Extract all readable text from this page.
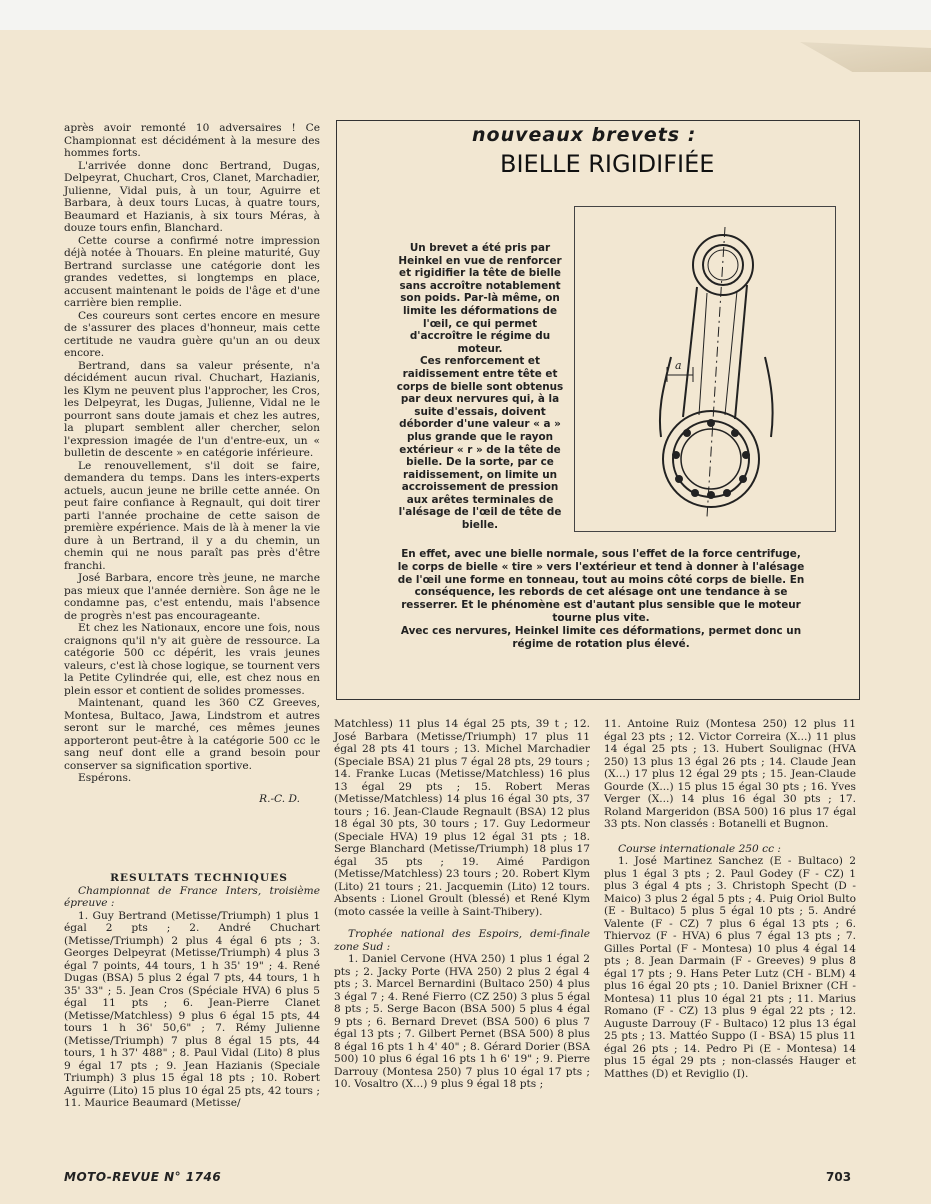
après avoir remonté 10 adversaires ! Ce Championnat est décidément à la mesure des hommes forts.

L'arrivée donne donc Bertrand, Dugas, Delpeyrat, Chuchart, Cros, Clanet, Marchadier, Julienne, Vidal puis, à un tour, Aguirre et Barbara, à deux tours Lucas, à quatre tours, Beaumard et Hazianis, à six tours Méras, à douze tours enfin, Blanchard.

Cette course a confirmé notre impression déjà notée à Thouars. En pleine maturité, Guy Bertrand surclasse une catégorie dont les grandes vedettes, si longtemps en place, accusent maintenant le poids de l'âge et d'une carrière bien remplie.

Ces coureurs sont certes encore en mesure de s'assurer des places d'honneur, mais cette certitude ne vaudra guère qu'un an ou deux encore.

Bertrand, dans sa valeur présente, n'a décidément aucun rival. Chuchart, Hazianis, les Klym ne peuvent plus l'approcher, les Cros, les Delpeyrat, les Dugas, Julienne, Vidal ne le pourront sans doute jamais et chez les autres, la plupart semblent aller chercher, selon l'expression imagée de l'un d'entre-eux, un « bulletin de descente » en catégorie inférieure.

Le renouvellement, s'il doit se faire, demandera du temps. Dans les inters-experts actuels, aucun jeune ne brille cette année. On peut faire confiance à Regnault, qui doit tirer parti l'année prochaine de cette saison de première expérience. Mais de là à mener la vie dure à un Bertrand, il y a du chemin, un chemin qui ne nous paraît pas près d'être franchi.

José Barbara, encore très jeune, ne marche pas mieux que l'année dernière. Son âge ne le condamne pas, c'est entendu, mais l'absence de progrès n'est pas encourageante.

Et chez les Nationaux, encore une fois, nous craignons qu'il n'y ait guère de ressource. La catégorie 500 cc dépérit, les vrais jeunes valeurs, c'est là chose logique, se tournent vers la Petite Cylindrée qui, elle, est chez nous en plein essor et contient de solides promesses.

Maintenant, quand les 360 CZ Greeves, Montesa, Bultaco, Jawa, Lindstrom et autres seront sur le marché, ces mêmes jeunes apporteront peut-être à la catégorie 500 cc le sang neuf dont elle a grand besoin pour conserver sa signification sportive.

Espérons.

R.-C. D.

RESULTATS TECHNIQUES

Championnat de France Inters, troisième épreuve :

1. Guy Bertrand (Metisse/Triumph) 1 plus 1 égal 2 pts ; 2. André Chuchart (Metisse/Triumph) 2 plus 4 égal 6 pts ; 3. Georges Delpeyrat (Metisse/Triumph) 4 plus 3 égal 7 points, 44 tours, 1 h 35' 19" ; 4. René Dugas (BSA) 5 plus 2 égal 7 pts, 44 tours, 1 h 35' 33" ; 5. Jean Cros (Spéciale HVA) 6 plus 5 égal 11 pts ; 6. Jean-Pierre Clanet (Metisse/Matchless) 9 plus 6 égal 15 pts, 44 tours 1 h 36' 50,6" ; 7. Rémy Julienne (Metisse/Triumph) 7 plus 8 égal 15 pts, 44 tours, 1 h 37' 488" ; 8. Paul Vidal (Lito) 8 plus 9 égal 17 pts ; 9. Jean Hazianis (Speciale Triumph) 3 plus 15 égal 18 pts ; 10. Robert Aguirre (Lito) 15 plus 10 égal 25 pts, 42 tours ; 11. Maurice Beaumard (Metisse/

Matchless) 11 plus 14 égal 25 pts, 39 t ; 12. José Barbara (Metisse/Triumph) 17 plus 11 égal 28 pts 41 tours ; 13. Michel Marchadier (Speciale BSA) 21 plus 7 égal 28 pts, 29 tours ; 14. Franke Lucas (Metisse/Matchless) 16 plus 13 égal 29 pts ; 15. Robert Meras (Metisse/Matchless) 14 plus 16 égal 30 pts, 37 tours ; 16. Jean-Claude Regnault (BSA) 12 plus 18 égal 30 pts, 30 tours ; 17. Guy Ledormeur (Speciale HVA) 19 plus 12 égal 31 pts ; 18. Serge Blanchard (Metisse/Triumph) 18 plus 17 égal 35 pts ; 19. Aimé Pardigon (Metisse/Matchless) 23 tours ; 20. Robert Klym (Lito) 21 tours ; 21. Jacquemin (Lito) 12 tours. Absents : Lionel Groult (blessé) et René Klym (moto cassée la veille à Saint-Thibery).

Trophée national des Espoirs, demi-finale zone Sud :

1. Daniel Cervone (HVA 250) 1 plus 1 égal 2 pts ; 2. Jacky Porte (HVA 250) 2 plus 2 égal 4 pts ; 3. Marcel Bernardini (Bultaco 250) 4 plus 3 égal 7 ; 4. René Fierro (CZ 250) 3 plus 5 égal 8 pts ; 5. Serge Bacon (BSA 500) 5 plus 4 égal 9 pts ; 6. Bernard Drevet (BSA 500) 6 plus 7 égal 13 pts ; 7. Gilbert Pernet (BSA 500) 8 plus 8 égal 16 pts 1 h 4' 40" ; 8. Gérard Dorier (BSA 500) 10 plus 6 égal 16 pts 1 h 6' 19" ; 9. Pierre Darrouy (Montesa 250) 7 plus 10 égal 17 pts ; 10. Vosaltro (X...) 9 plus 9 égal 18 pts ;

11. Antoine Ruiz (Montesa 250) 12 plus 11 égal 23 pts ; 12. Victor Correira (X...) 11 plus 14 égal 25 pts ; 13. Hubert Soulignac (HVA 250) 13 plus 13 égal 26 pts ; 14. Claude Jean (X...) 17 plus 12 égal 29 pts ; 15. Jean-Claude Gourde (X...) 15 plus 15 égal 30 pts ; 16. Yves Verger (X...) 14 plus 16 égal 30 pts ; 17. Roland Margeridon (BSA 500) 16 plus 17 égal 33 pts. Non classés : Botanelli et Bugnon.

Course internationale 250 cc :

1. José Martinez Sanchez (E - Bultaco) 2 plus 1 égal 3 pts ; 2. Paul Godey (F - CZ) 1 plus 3 égal 4 pts ; 3. Christoph Specht (D - Maico) 3 plus 2 égal 5 pts ; 4. Puig Oriol Bulto (E - Bultaco) 5 plus 5 égal 10 pts ; 5. André Valente (F - CZ) 7 plus 6 égal 13 pts ; 6. Thiervoz (F - HVA) 6 plus 7 égal 13 pts ; 7. Gilles Portal (F - Montesa) 10 plus 4 égal 14 pts ; 8. Jean Darmain (F - Greeves) 9 plus 8 égal 17 pts ; 9. Hans Peter Lutz (CH - BLM) 4 plus 16 égal 20 pts ; 10. Daniel Brixner (CH - Montesa) 11 plus 10 égal 21 pts ; 11. Marius Romano (F - CZ) 13 plus 9 égal 22 pts ; 12. Auguste Darrouy (F - Bultaco) 12 plus 13 égal 25 pts ; 13. Mattéo Suppo (I - BSA) 15 plus 11 égal 26 pts ; 14. Pedro Pi (E - Montesa) 14 plus 15 égal 29 pts ; non-classés Hauger et Matthes (D) et Reviglio (I).

nouveaux brevets :
BIELLE RIGIDIFIÉE

Un brevet a été pris par Heinkel en vue de renforcer et rigidifier la tête de bielle sans accroître notablement son poids. Par-là même, on limite les déformations de l'œil, ce qui permet d'accroître le régime du moteur.

Ces renforcement et raidissement entre tête et corps de bielle sont obtenus par deux nervures qui, à la suite d'essais, doivent déborder d'une valeur « a » plus grande que le rayon extérieur « r » de la tête de bielle. De la sorte, par ce raidissement, on limite un accroissement de pression aux arêtes terminales de l'alésage de l'œil de tête de bielle.

a

En effet, avec une bielle normale, sous l'effet de la force centrifuge, le corps de bielle « tire » vers l'extérieur et tend à donner à l'alésage de l'œil une forme en tonneau, tout au moins côté corps de bielle. En conséquence, les rebords de cet alésage ont une tendance à se resserrer. Et le phénomène est d'autant plus sensible que le moteur tourne plus vite.

Avec ces nervures, Heinkel limite ces déformations, permet donc un régime de rotation plus élevé.

MOTO-REVUE N° 1746	703
